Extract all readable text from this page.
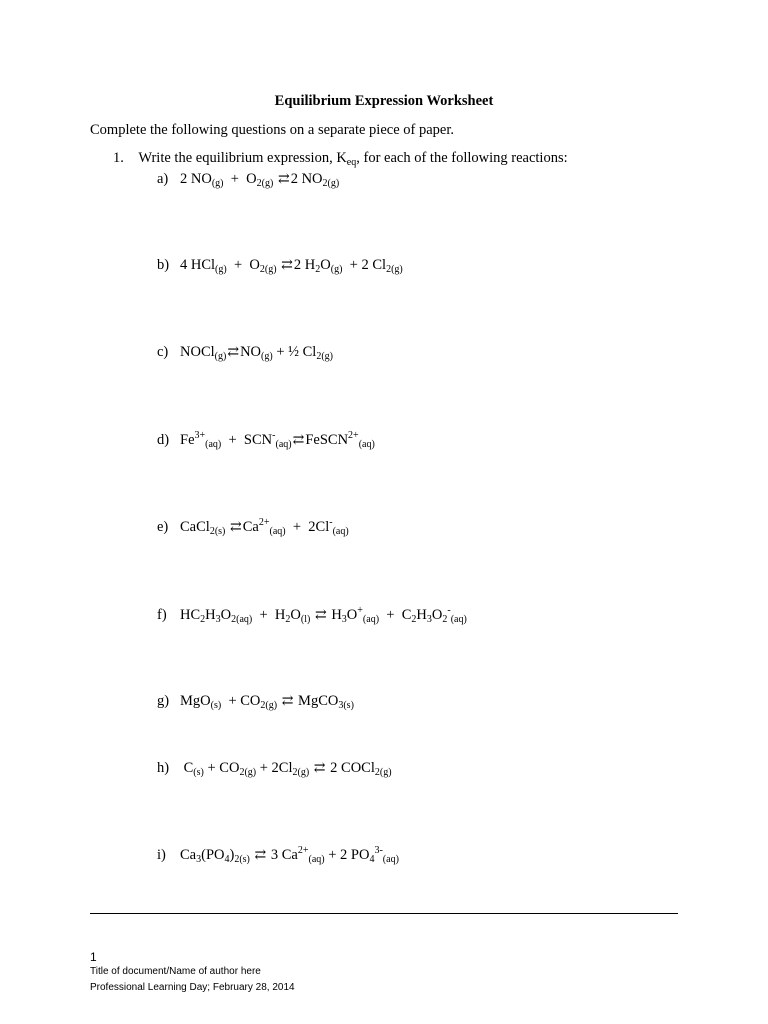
Equilibrium Expression Worksheet
Complete the following questions on a separate piece of paper.
1. Write the equilibrium expression, $K_{eq}$, for each of the following reactions:
a) 2 $NO_{(g)} + O_{2(g)}$ ⇄2 $NO_{2(g)}$
b) 4 $HCl_{(g)} + O_{2(g)}$ ⇄2 $H_2O_{(g)} + 2$ $Cl_{2(g)}$
c) $NOCl_{(g)}⇄NO_{(g)}$ + ½ $Cl_{2(g)}$
d) $Fe^{3+}_{(aq)}$  +  $SCN^-_{(aq)}⇄FeSCN^{2+}_{(aq)}$
e) CaCl$_{2(s)}$ $⇄Ca^{2+}_{(aq)} + 2Cl^-_{(aq)}$
f) $HC_2H_3O_{2(aq)} + H_2O_{(l)}$ ⇄ $H_3O^+_{(aq)} + C_2H_3O_2^-_{(aq)}$
g) $MgO_{(s)} + CO_{2(g)}$ ⇄ MgCO$_{3(s)}$
h) $C_{(s)} + CO_{2(g)} + 2Cl_{2(g)}$ ⇄ 2 COCl$_{2(g)}$
i) $Ca_3(PO_4)_{2(s)}$ ⇄ 3 $Ca^{2+}_{(aq)} + 2$ $PO_4^{3-}_{(aq)}$
1
Title of document/Name of author here
Professional Learning Day; February 28, 2014
